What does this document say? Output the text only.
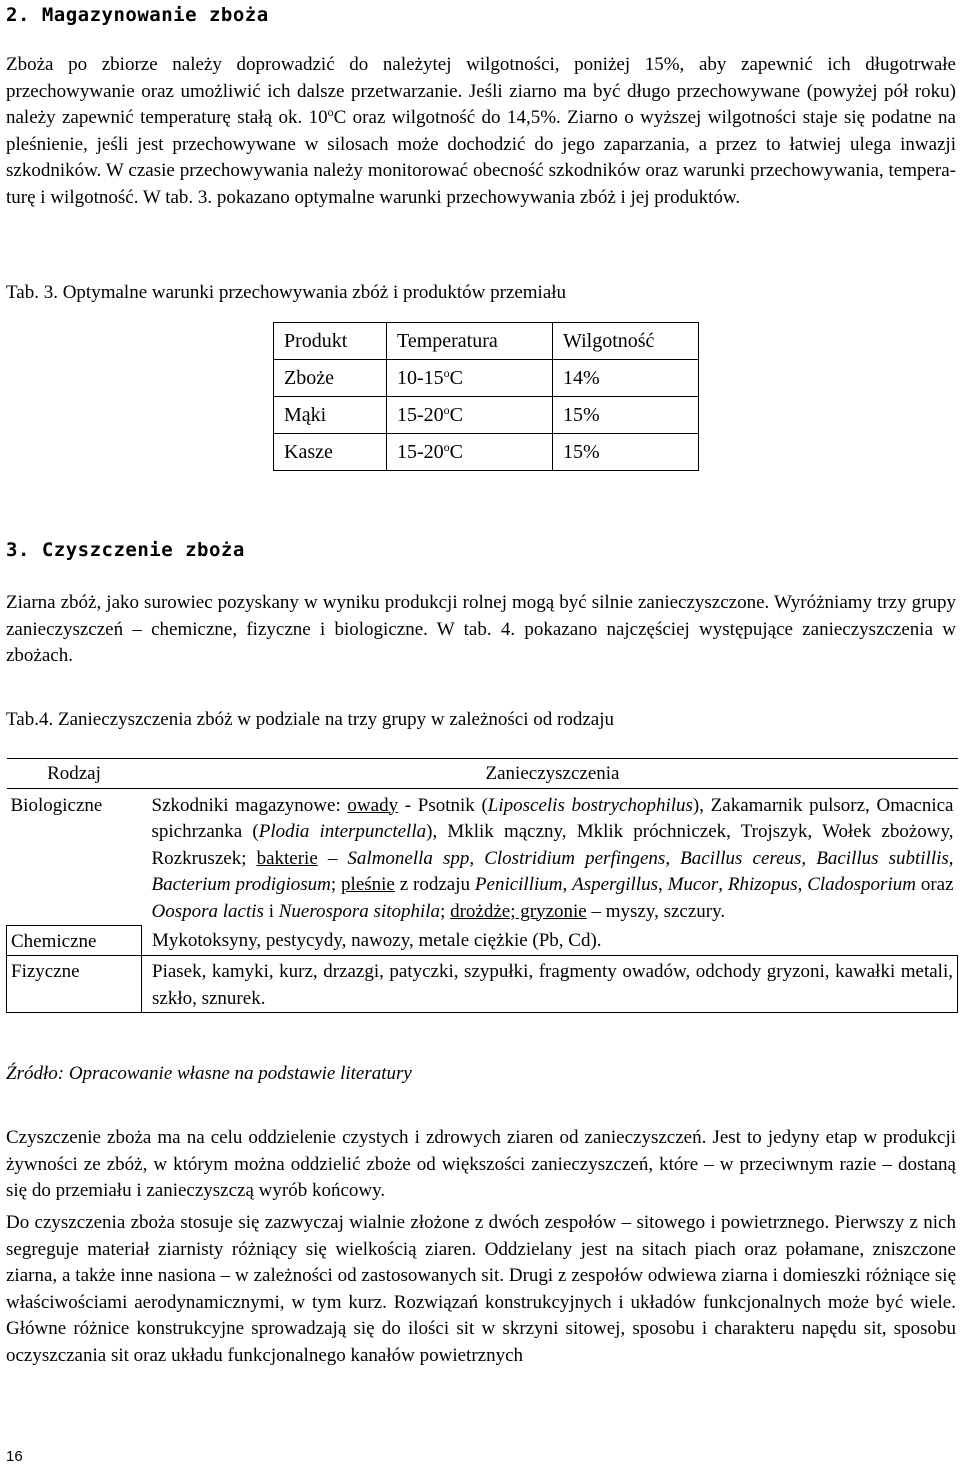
2. Magazynowanie zboża

Zboża po zbiorze należy doprowadzić do należytej wilgotności, poniżej 15%, aby zapewnić ich długotrwałe przechowywanie oraz umożliwić ich dalsze przetwarzanie. Jeśli ziarno ma być długo przechowywane (powyżej pół roku) należy zapewnić temperaturę stałą ok. 10$^o$C oraz wilgotność do 14,5%. Ziarno o wyższej wilgotności staje się podatne na pleśnienie, jeśli jest przechowywane w silosach może dochodzić do jego zaparzania, a przez to łatwiej ulega inwazji szkodników. W czasie przechowywania należy monitorować obecność szkodników oraz warunki przechowywania, temperaturę i wilgotność. W tab. 3. pokazano optymalne warunki przechowywania zbóż i jej produktów.

Tab. 3. Optymalne warunki przechowywania zbóż i produktów przemiału
Produkt	Temperatura	Wilgotność
Zboże	10-15$^o$C	14%
Mąki	15-20$^o$C	15%
Kasze	15-20$^o$C	15%
3. Czyszczenie zboża

Ziarna zbóż, jako surowiec pozyskany w wyniku produkcji rolnej mogą być silnie zanieczyszczone. Wyróżniamy trzy grupy zanieczyszczeń – chemiczne, fizyczne i biologiczne. W tab. 4. pokazano najczęściej występujące zanieczyszczenia w zbożach.

Tab.4. Zanieczyszczenia zbóż w podziale na trzy grupy w zależności od rodzaju
Rodzaj	Zanieczyszczenia
Biologiczne	Szkodniki magazynowe: owady - Psotnik (Liposcelis bostrychophilus), Zakamarnik pulsorz, Omacnica spichrzanka (Plodia interpunctella), Mklik mączny, Mklik próchniczek, Trojszyk, Wołek zbożowy, Rozkruszek; bakterie – Salmonella spp, Clostridium perfingens, Bacillus cereus, Bacillus subtillis, Bacterium prodigiosum; pleśnie z rodzaju Penicillium, Aspergillus, Mucor, Rhizopus, Cladosporium oraz Oospora lactis i Nuerospora sitophila; drożdże; gryzonie – myszy, szczury.
Chemiczne	Mykotoksyny, pestycydy, nawozy, metale ciężkie (Pb, Cd).
Fizyczne	Piasek, kamyki, kurz, drzazgi, patyczki, szypułki, fragmenty owadów, odchody gryzoni, kawałki metali, szkło, sznurek.
Źródło: Opracowanie własne na podstawie literatury

Czyszczenie zboża ma na celu oddzielenie czystych i zdrowych ziaren od zanieczyszczeń. Jest to jedyny etap w produkcji żywności ze zbóż, w którym można oddzielić zboże od większości zanieczyszczeń, które – w przeciwnym razie – dostaną się do przemiału i zanieczyszczą wyrób końcowy.

Do czyszczenia zboża stosuje się zazwyczaj wialnie złożone z dwóch zespołów – sitowego i powietrznego. Pierwszy z nich segreguje materiał ziarnisty różniący się wielkością ziaren. Oddzielany jest na sitach piach oraz połamane, zniszczone ziarna, a także inne nasiona – w zależności od zastosowanych sit. Drugi z zespołów odwiewa ziarna i domieszki różniące się właściwościami aerodynamicznymi, w tym kurz. Rozwiązań konstrukcyjnych i układów funkcjonalnych może być wiele. Główne różnice konstrukcyjne sprowadzają się do ilości sit w skrzyni sitowej, sposobu i charakteru napędu sit, sposobu oczyszczania sit oraz układu funkcjonalnego kanałów powietrznych

16
